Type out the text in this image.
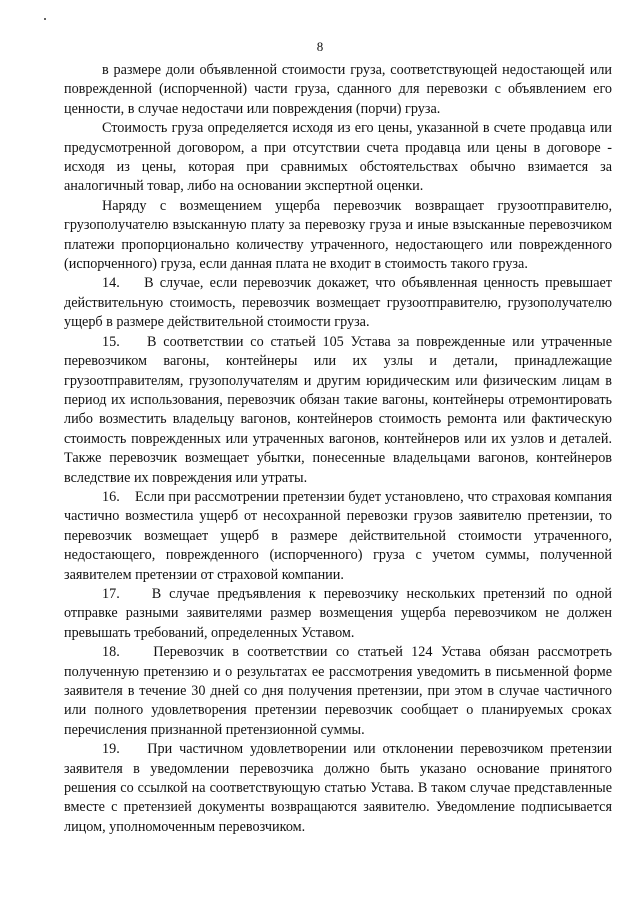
8

в размере доли объявленной стоимости груза, соответствующей недостающей или поврежденной (испорченной) части груза, сданного для перевозки с объявлением его ценности, в случае недостачи или повреждения (порчи) груза.

Стоимость груза определяется исходя из его цены, указанной в счете продавца или предусмотренной договором, а при отсутствии счета продавца или цены в договоре - исходя из цены, которая при сравнимых обстоятельствах обычно взимается за аналогичный товар, либо на основании экспертной оценки.

Наряду с возмещением ущерба перевозчик возвращает грузоотправителю, грузополучателю взысканную плату за перевозку груза и иные взысканные перевозчиком платежи пропорционально количеству утраченного, недостающего или поврежденного (испорченного) груза, если данная плата не входит в стоимость такого груза.

14.    В случае, если перевозчик докажет, что объявленная ценность превышает действительную стоимость, перевозчик возмещает грузоотправителю, грузополучателю ущерб в размере действительной стоимости груза.

15.    В соответствии со статьей 105 Устава за поврежденные или утраченные перевозчиком вагоны, контейнеры или их узлы и детали, принадлежащие грузоотправителям, грузополучателям и другим юридическим или физическим лицам в период их использования, перевозчик обязан такие вагоны, контейнеры отремонтировать либо возместить владельцу вагонов, контейнеров стоимость ремонта или фактическую стоимость поврежденных или утраченных вагонов, контейнеров или их узлов и деталей. Также перевозчик возмещает убытки, понесенные владельцами вагонов, контейнеров вследствие их повреждения или утраты.

16.    Если при рассмотрении претензии будет установлено, что страховая компания частично возместила ущерб от несохранной перевозки грузов заявителю претензии, то перевозчик возмещает ущерб в размере действительной стоимости утраченного, недостающего, поврежденного (испорченного) груза с учетом суммы, полученной заявителем претензии от страховой компании.

17.    В случае предъявления к перевозчику нескольких претензий по одной отправке разными заявителями размер возмещения ущерба перевозчиком не должен превышать требований, определенных Уставом.

18.    Перевозчик в соответствии со статьей 124 Устава обязан рассмотреть полученную претензию и о результатах ее рассмотрения уведомить в письменной форме заявителя в течение 30 дней со дня получения претензии, при этом в случае частичного или полного удовлетворения претензии перевозчик сообщает о планируемых сроках перечисления признанной претензионной суммы.

19.    При частичном удовлетворении или отклонении перевозчиком претензии заявителя в уведомлении перевозчика должно быть указано основание принятого решения со ссылкой на соответствующую статью Устава. В таком случае представленные вместе с претензией документы возвращаются заявителю. Уведомление подписывается лицом, уполномоченным перевозчиком.
